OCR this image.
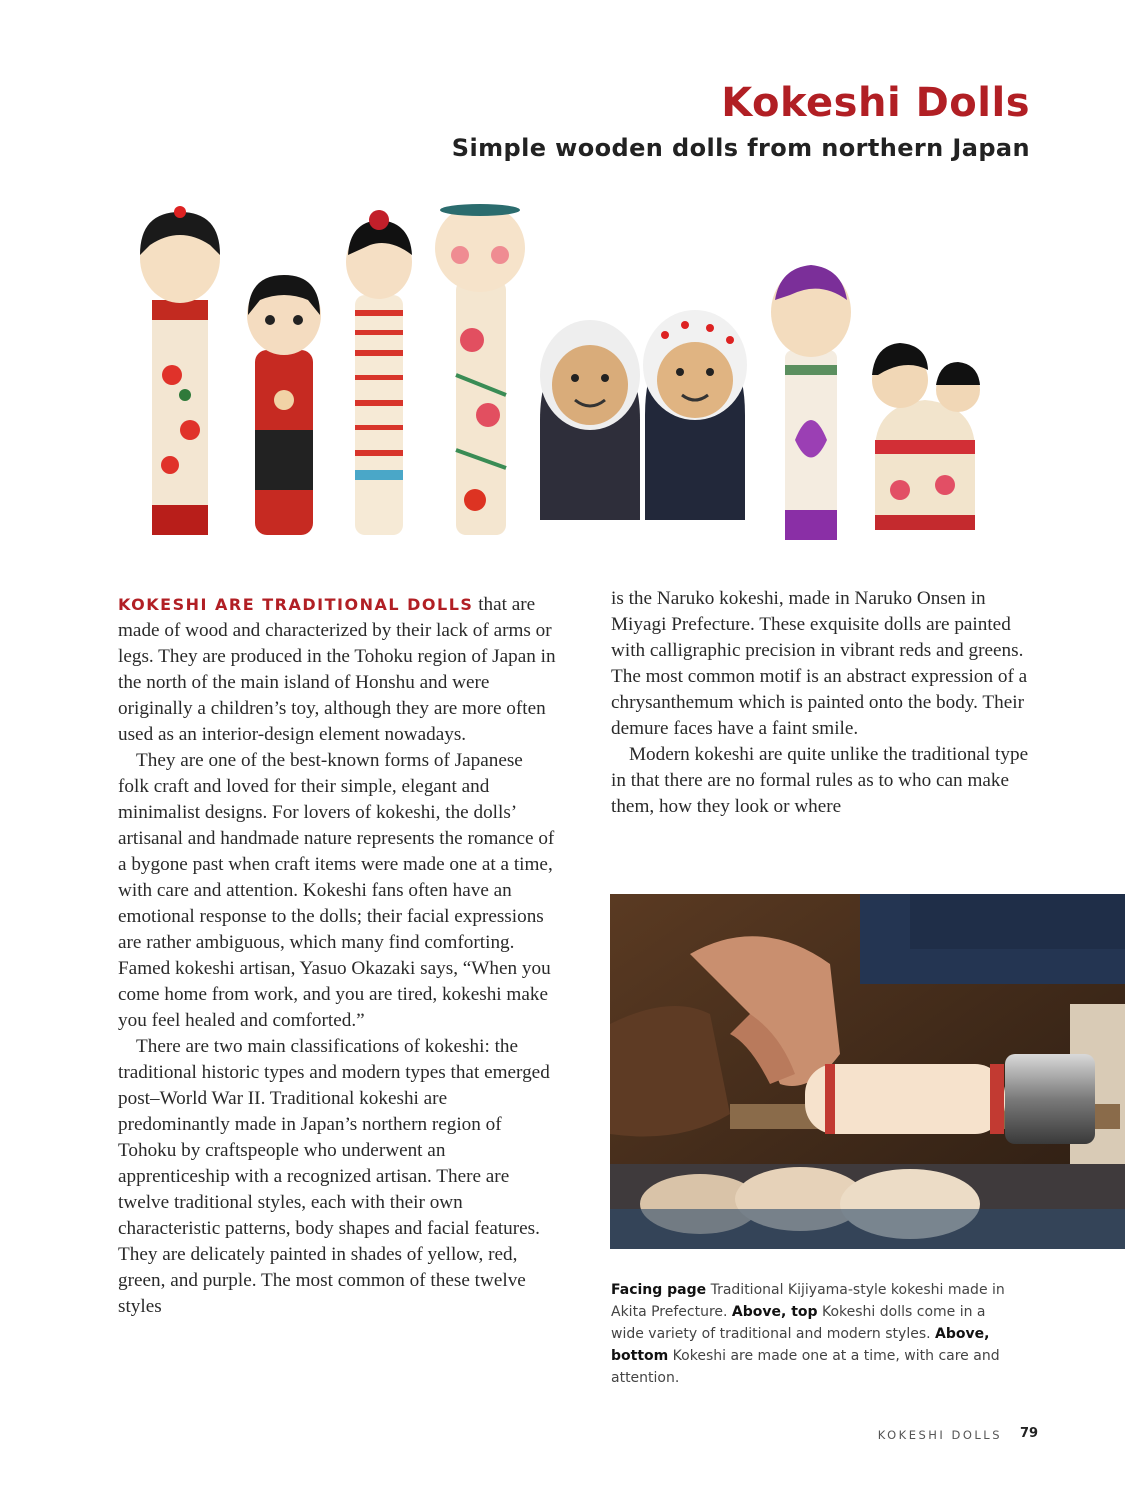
Kokeshi Dolls
Simple wooden dolls from northern Japan

KOKESHI ARE TRADITIONAL DOLLS that are made of wood and characterized by their lack of arms or legs. They are produced in the Tohoku region of Japan in the north of the main island of Honshu and were originally a children’s toy, although they are more often used as an interior-design element nowadays.

They are one of the best-known forms of Japanese folk craft and loved for their simple, elegant and minimalist designs. For lovers of kokeshi, the dolls’ artisanal and handmade nature represents the romance of a bygone past when craft items were made one at a time, with care and attention. Kokeshi fans often have an emotional response to the dolls; their facial expressions are rather ambiguous, which many find comforting. Famed kokeshi artisan, Yasuo Okazaki says, “When you come home from work, and you are tired, kokeshi make you feel healed and comforted.”

There are two main classifications of kokeshi: the traditional historic types and modern types that emerged post–World War II. Traditional kokeshi are predominantly made in Japan’s northern region of Tohoku by craftspeople who underwent an apprenticeship with a recognized artisan. There are twelve traditional styles, each with their own characteristic patterns, body shapes and facial features. They are delicately painted in shades of yellow, red, green, and purple. The most common of these twelve styles

is the Naruko kokeshi, made in Naruko Onsen in Miyagi Prefecture. These exquisite dolls are painted with calligraphic precision in vibrant reds and greens. The most common motif is an abstract expression of a chrysanthemum which is painted onto the body. Their demure faces have a faint smile.

Modern kokeshi are quite unlike the traditional type in that there are no formal rules as to who can make them, how they look or where

Facing page Traditional Kijiyama-style kokeshi made in Akita Prefecture. Above, top Kokeshi dolls come in a wide variety of traditional and modern styles. Above, bottom Kokeshi are made one at a time, with care and attention.
KOKESHI DOLLS 79
